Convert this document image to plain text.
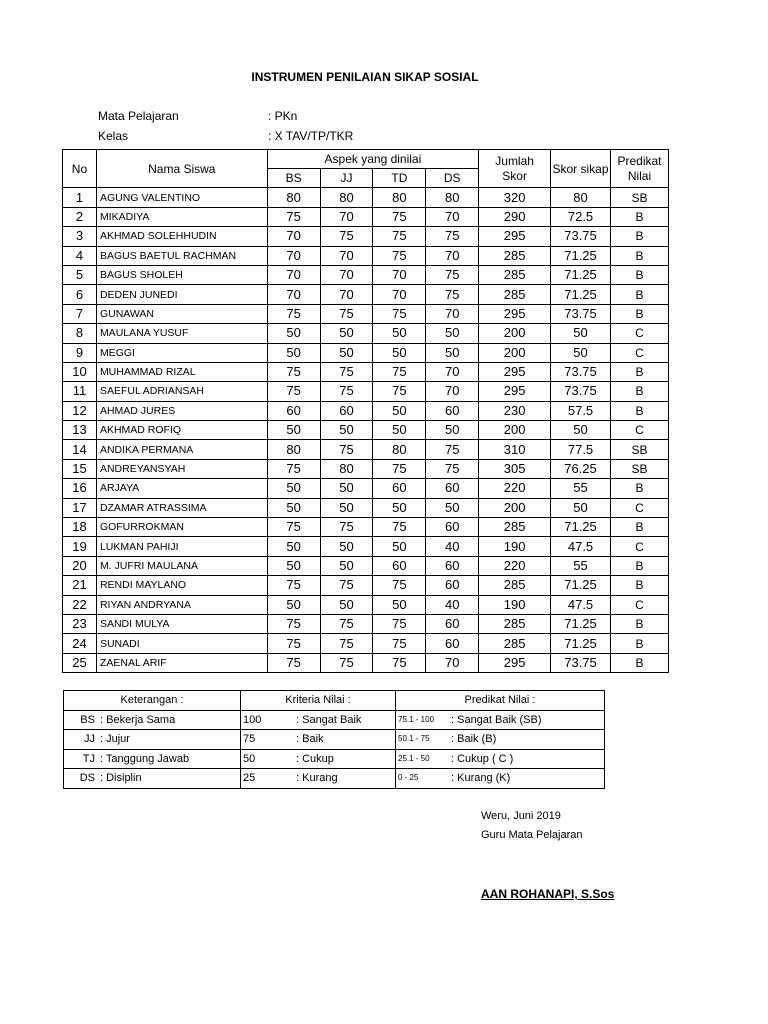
INSTRUMEN PENILAIAN SIKAP SOSIAL
Mata Pelajaran	: PKn
Kelas	: X TAV/TP/TKR
No	Nama Siswa	Aspek yang dinilai				Jumlah
Skor	Skor sikap	Predikat
Nilai
		BS	JJ	TD	DS			
1	AGUNG VALENTINO	80	80	80	80	320	80	SB
2	MIKADIYA	75	70	75	70	290	72.5	B
3	AKHMAD SOLEHHUDIN	70	75	75	75	295	73.75	B
4	BAGUS BAETUL RACHMAN	70	70	75	70	285	71.25	B
5	BAGUS SHOLEH	70	70	70	75	285	71.25	B
6	DEDEN JUNEDI	70	70	70	75	285	71.25	B
7	GUNAWAN	75	75	75	70	295	73.75	B
8	MAULANA YUSUF	50	50	50	50	200	50	C
9	MEGGI	50	50	50	50	200	50	C
10	MUHAMMAD RIZAL	75	75	75	70	295	73.75	B
11	SAEFUL ADRIANSAH	75	75	75	70	295	73.75	B
12	AHMAD JURES	60	60	50	60	230	57.5	B
13	AKHMAD ROFIQ	50	50	50	50	200	50	C
14	ANDIKA PERMANA	80	75	80	75	310	77.5	SB
15	ANDREYANSYAH	75	80	75	75	305	76.25	SB
16	ARJAYA	50	50	60	60	220	55	B
17	DZAMAR ATRASSIMA	50	50	50	50	200	50	C
18	GOFURROKMAN	75	75	75	60	285	71.25	B
19	LUKMAN PAHIJI	50	50	50	40	190	47.5	C
20	M. JUFRI MAULANA	50	50	60	60	220	55	B
21	RENDI MAYLANO	75	75	75	60	285	71.25	B
22	RIYAN ANDRYANA	50	50	50	40	190	47.5	C
23	SANDI MULYA	75	75	75	60	285	71.25	B
24	SUNADI	75	75	75	60	285	71.25	B
25	ZAENAL ARIF	75	75	75	70	295	73.75	B
Keterangan :		Kriteria Nilai :		Predikat Nilai :	
BS	: Bekerja Sama	100	: Sangat Baik	75.1 - 100	: Sangat Baik (SB)
JJ	: Jujur	75	: Baik	50.1 - 75	: Baik (B)
TJ	: Tanggung Jawab	50	: Cukup	25.1 - 50	: Cukup ( C )
DS	: Disiplin	25	: Kurang	0 - 25	: Kurang (K)
Weru, Juni 2019
Guru Mata Pelajaran
AAN ROHANAPI, S.Sos
